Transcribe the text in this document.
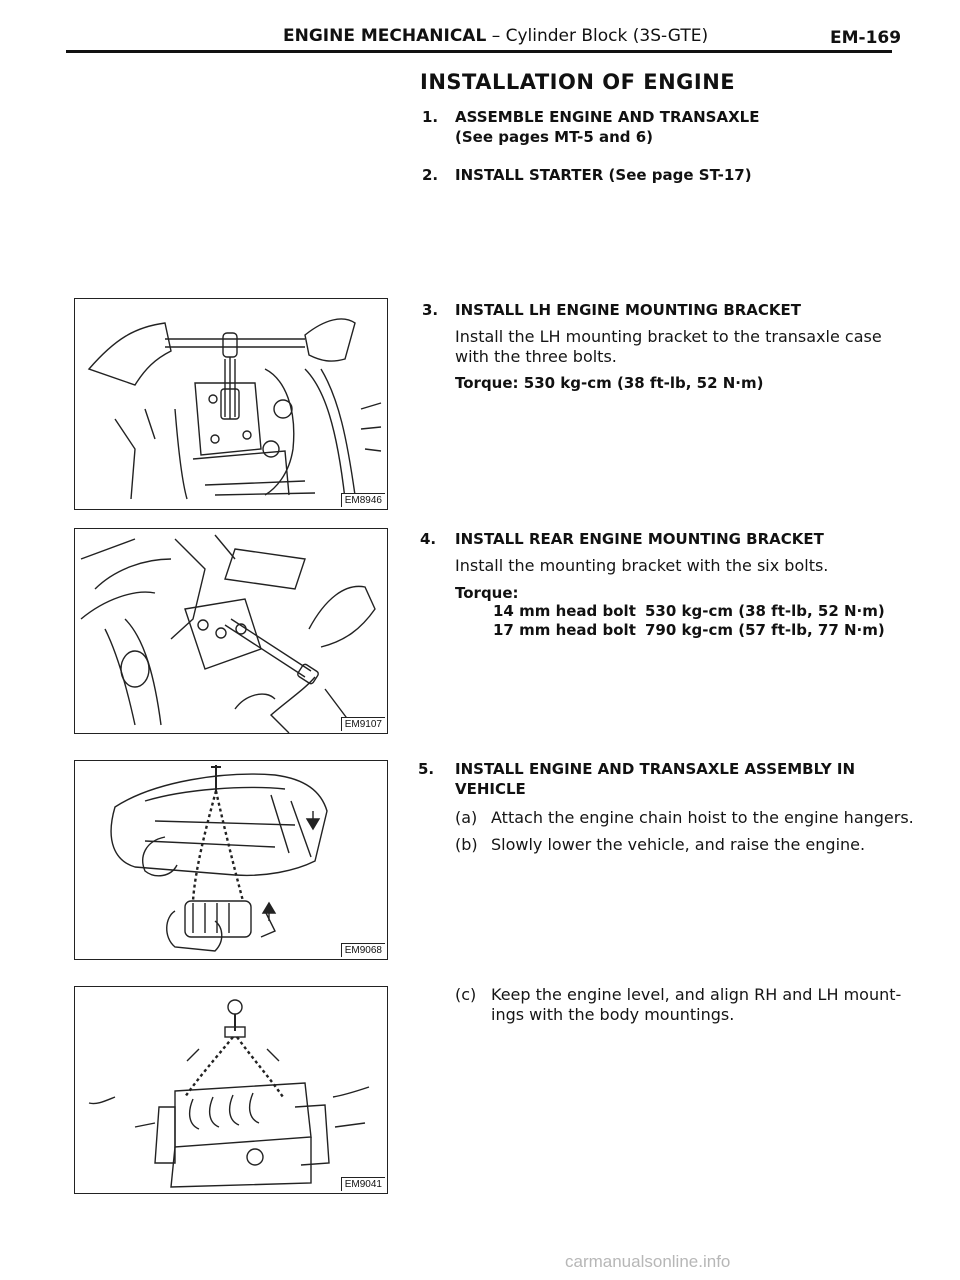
ENGINE MECHANICAL – Cylinder Block (3S-GTE)	EM-169
INSTALLATION OF ENGINE
1. ASSEMBLE ENGINE AND TRANSAXLE
(See pages MT-5 and 6)
2. INSTALL STARTER (See page ST-17)
3. INSTALL LH ENGINE MOUNTING BRACKET
Install the LH mounting bracket to the transaxle case
with the three bolts.
Torque: 530 kg-cm (38 ft-lb, 52 N·m)
4. INSTALL REAR ENGINE MOUNTING BRACKET
Install the mounting bracket with the six bolts.
Torque:
14 mm head bolt 530 kg-cm (38 ft-lb, 52 N·m)
17 mm head bolt 790 kg-cm (57 ft-lb, 77 N·m)
5. INSTALL ENGINE AND TRANSAXLE ASSEMBLY IN
VEHICLE
(a) Attach the engine chain hoist to the engine hangers.
(b) Slowly lower the vehicle, and raise the engine.
(c) Keep the engine level, and align RH and LH mount-
ings with the body mountings.
EM8946
EM9107
EM9068
EM9041
carmanualsonline.info
